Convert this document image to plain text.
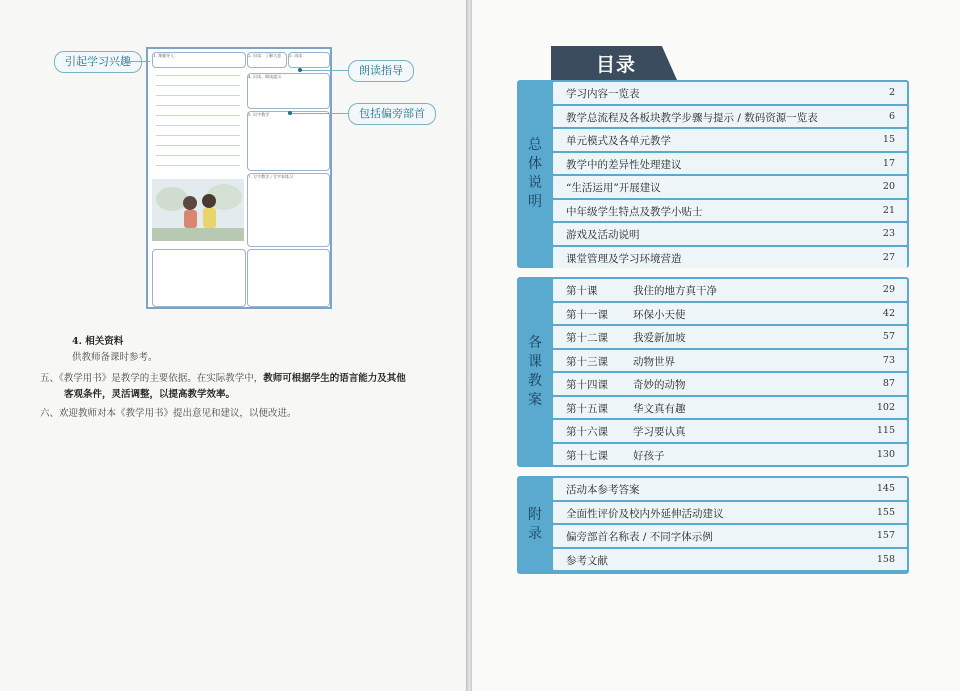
1. 课题导入：	2. 识读：了解大意	3. 再读：
4. 识读、朗读提示
5. 识字教学
7. 写字教学 / 写字本练习
引起学习兴趣
朗读指导
包括偏旁部首
4. 相关资料
供教师备课时参考。
五、《教学用书》是教学的主要依据。在实际教学中，教师可根据学生的语言能力及其他
客观条件，灵活调整，以提高教学效率。
六、欢迎教师对本《教学用书》提出意见和建议，以便改进。
目录
总
体
说
明
学习内容一览表	2
教学总流程及各板块教学步骤与提示 / 数码资源一览表	6
单元模式及各单元教学	15
教学中的差异性处理建议	17
“生活运用”开展建议	20
中年级学生特点及教学小贴士	21
游戏及活动说明	23
课堂管理及学习环境营造	27
各
课
教
案
第十课	我住的地方真干净	29
第十一课 环保小天使	42
第十二课 我爱新加坡	57
第十三课 动物世界	73
第十四课 奇妙的动物	87
第十五课 华文真有趣	102
第十六课 学习要认真	115
第十七课 好孩子	130
附
录
活动本参考答案	145
全面性评价及校内外延伸活动建议	155
偏旁部首名称表 / 不同字体示例	157
参考文献	158
